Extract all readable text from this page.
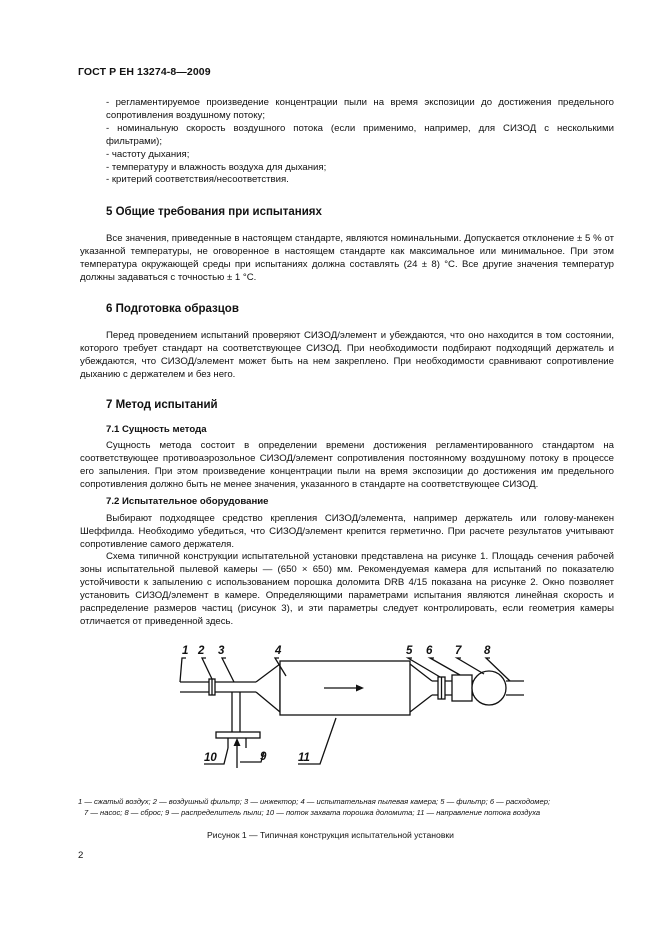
ГОСТ Р ЕН 13274-8—2009

- регламентируемое произведение концентрации пыли на время экспозиции до достижения предельного сопротивления воздушному потоку;

- номинальную скорость воздушного потока (если применимо, например, для СИЗОД с несколькими фильтрами);

- частоту дыхания;

- температуру и влажность воздуха для дыхания;

- критерий соответствия/несоответствия.

5 Общие требования при испытаниях

Все значения, приведенные в настоящем стандарте, являются номинальными. Допускается отклонение ± 5 % от указанной температуры, не оговоренное в настоящем стандарте как максимальное или минимальное. При этом температура окружающей среды при испытаниях должна составлять (24 ± 8) °С. Все другие значения температур должны задаваться с точностью ± 1 °С.

6 Подготовка образцов

Перед проведением испытаний проверяют СИЗОД/элемент и убеждаются, что оно находится в том состоянии, которого требует стандарт на соответствующее СИЗОД. При необходимости подбирают подходящий держатель и убеждаются, что СИЗОД/элемент может быть на нем закреплено. При необходимости сравнивают сопротивление дыханию с держателем и без него.

7 Метод испытаний
7.1 Сущность метода

Сущность метода состоит в определении времени достижения регламентированного стандартом на соответствующее противоаэрозольное СИЗОД/элемент сопротивления постоянному воздушному потоку в процессе его запыления. При этом произведение концентрации пыли на время экспозиции до достижения им предельного сопротивления должно быть не менее значения, указанного в стандарте на соответствующее СИЗОД.

7.2 Испытательное оборудование

Выбирают подходящее средство крепления СИЗОД/элемента, например держатель или голову-манекен Шеффилда. Необходимо убедиться, что СИЗОД/элемент крепится герметично. При расчете результатов учитывают сопротивление самого держателя.

Схема типичной конструкции испытательной установки представлена на рисунке 1. Площадь сечения рабочей зоны испытательной пылевой камеры — (650 × 650) мм. Рекомендуемая камера для испытаний по показателю устойчивости к запылению с использованием порошка доломита DRB 4/15 показана на рисунке 2. Окно позволяет установить СИЗОД/элемент в камере. Определяющими параметрами испытания являются линейная скорость и распределение размеров частиц (рисунок 3), и эти параметры следует контролировать, если геометрия камеры отличается от приведенной здесь.

1 2 3	4	5 6 7 8
9
10	11
1 — сжатый воздух; 2 — воздушный фильтр; 3 — инжектор; 4 — испытательная пылевая камера; 5 — фильтр; 6 — расходомер;
7 — насос; 8 — сброс; 9 — распределитель пыли; 10 — поток захвата порошка доломита; 11 — направление потока воздуха
Рисунок 1 — Типичная конструкция испытательной установки
2
